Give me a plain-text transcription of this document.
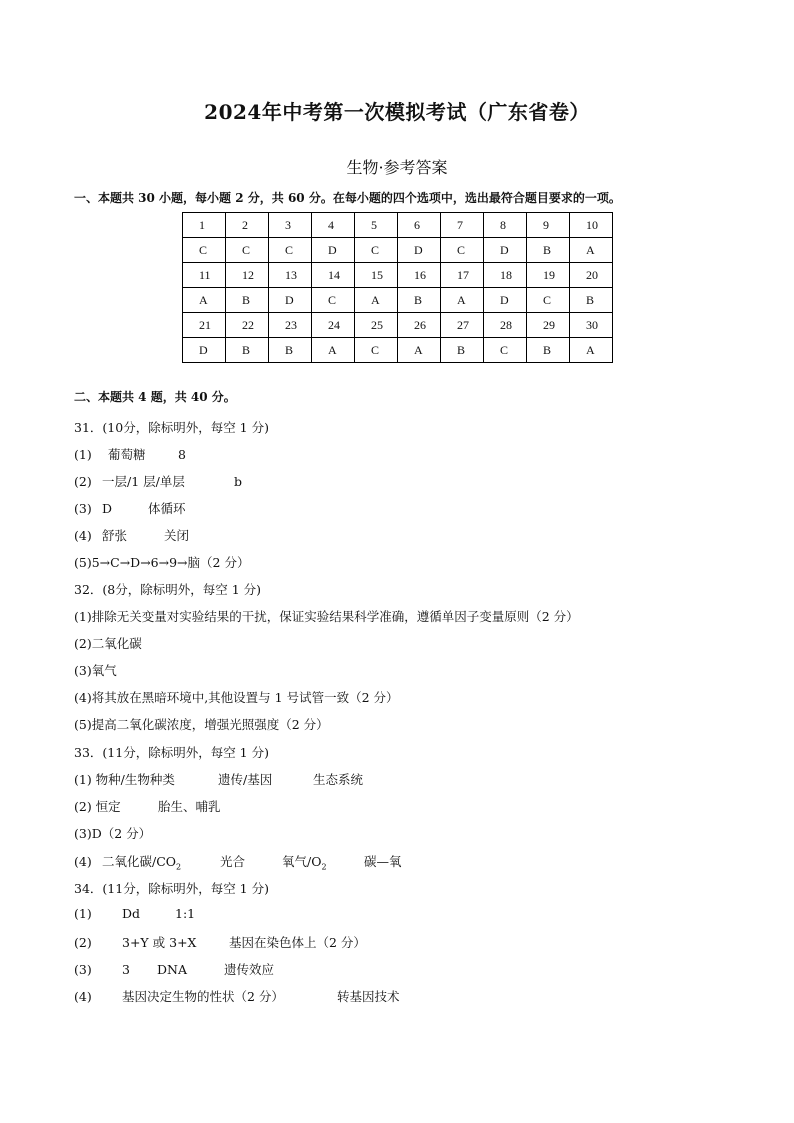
2024年中考第一次模拟考试（广东省卷）
生物·参考答案
一、本题共 30 小题，每小题 2 分，共 60 分。在每小题的四个选项中，选出最符合题目要求的一项。
1	2	3	4	5	6	7	8	9	10
C	C	C	D	C	D	C	D	B	A
11	12	13	14	15	16	17	18	19	20
A	B	D	C	A	B	A	D	C	B
21	22	23	24	25	26	27	28	29	30
D	B	B	A	C	A	B	C	B	A
二、本题共 4 题，共 40 分。
31．(10分，除标明外，每空 1 分)
(1) 葡萄糖	8
(2) 一层/1 层/单层	b
(3) D	体循环
(4) 舒张	关闭
(5)5→C→D→6→9→脑（2 分）
32．(8分，除标明外，每空 1 分)
(1)排除无关变量对实验结果的干扰，保证实验结果科学准确，遵循单因子变量原则（2 分）
(2)二氧化碳
(3)氧气
(4)将其放在黑暗环境中,其他设置与 1 号试管一致（2 分）
(5)提高二氧化碳浓度，增强光照强度（2 分）
33．(11分，除标明外，每空 1 分)
(1) 物种/生物种类	遗传/基因	生态系统
(2) 恒定	胎生、哺乳
(3)D（2 分）
(4) 二氧化碳$/CO_2$	光合	氧气$/O_2$	碳—氧
34．(11分，除标明外，每空 1 分)
(1) Dd	1:1
(2) 3+Y 或 3+X	基因在染色体上（2 分）
(3) 3 DNA	遗传效应
(4) 基因决定生物的性状（2 分）	转基因技术
